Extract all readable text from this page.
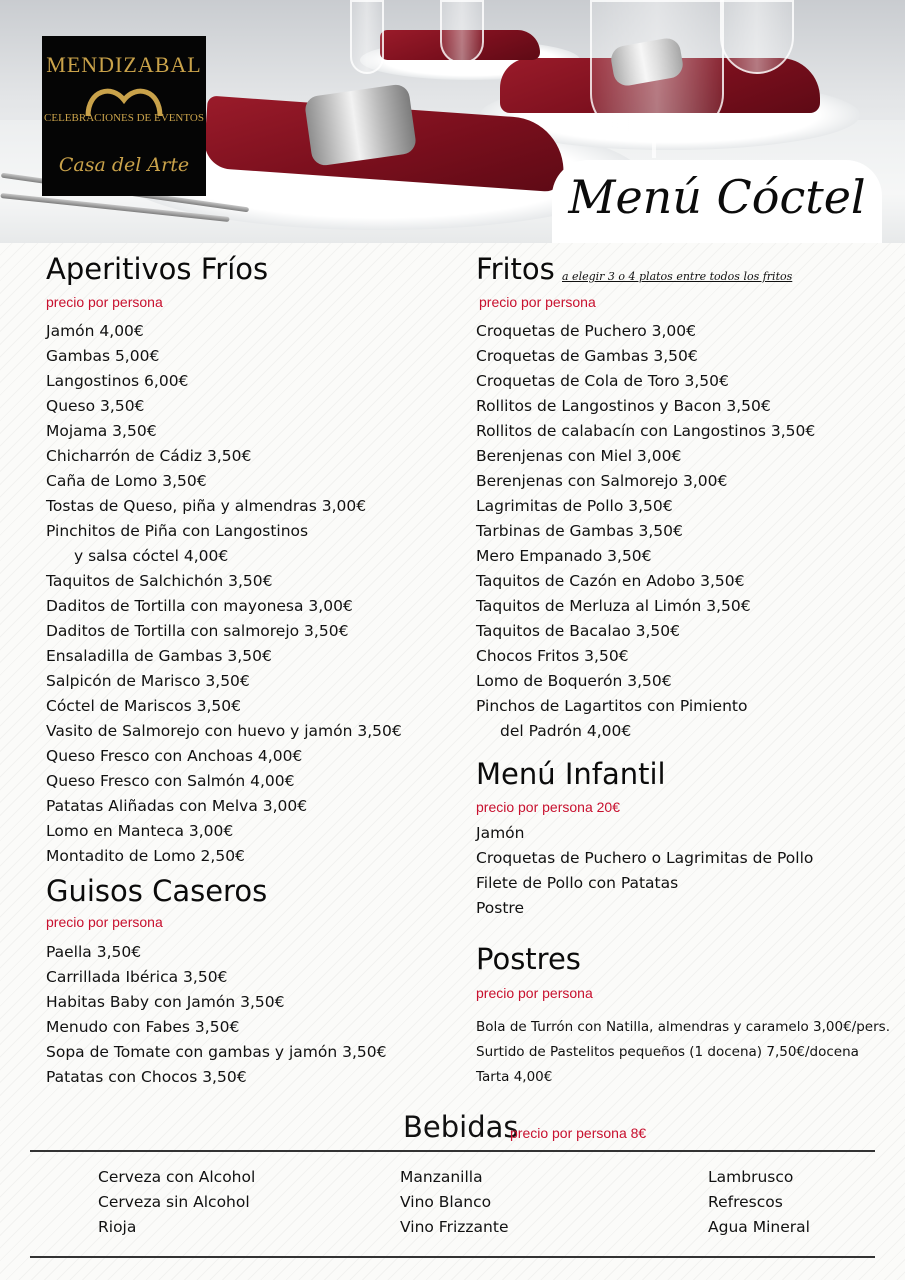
MENDIZABAL
CELEBRACIONES DE EVENTOS
Casa del Arte
Menú Cóctel
Aperitivos Fríos
precio por persona
Jamón 4,00€
Gambas 5,00€
Langostinos 6,00€
Queso 3,50€
Mojama 3,50€
Chicharrón de Cádiz 3,50€
Caña de Lomo 3,50€
Tostas de Queso, piña y almendras 3,00€
Pinchitos de Piña con Langostinos
y salsa cóctel 4,00€
Taquitos de Salchichón 3,50€
Daditos de Tortilla con mayonesa 3,00€
Daditos de Tortilla con salmorejo 3,50€
Ensaladilla de Gambas 3,50€
Salpicón de Marisco 3,50€
Cóctel de Mariscos 3,50€
Vasito de Salmorejo con huevo y jamón 3,50€
Queso Fresco con Anchoas 4,00€
Queso Fresco con Salmón 4,00€
Patatas Aliñadas con Melva 3,00€
Lomo en Manteca 3,00€
Montadito de Lomo 2,50€
Guisos Caseros
precio por persona
Paella 3,50€
Carrillada Ibérica 3,50€
Habitas Baby con Jamón 3,50€
Menudo con Fabes 3,50€
Sopa de Tomate con gambas y jamón 3,50€
Patatas con Chocos 3,50€
Fritos a elegir 3 o 4 platos entre todos los fritos
precio por persona
Croquetas de Puchero 3,00€
Croquetas de Gambas 3,50€
Croquetas de Cola de Toro 3,50€
Rollitos de Langostinos y Bacon 3,50€
Rollitos de calabacín con Langostinos 3,50€
Berenjenas con Miel 3,00€
Berenjenas con Salmorejo 3,00€
Lagrimitas de Pollo 3,50€
Tarbinas de Gambas 3,50€
Mero Empanado 3,50€
Taquitos de Cazón en Adobo 3,50€
Taquitos de Merluza al Limón 3,50€
Taquitos de Bacalao 3,50€
Chocos Fritos 3,50€
Lomo de Boquerón 3,50€
Pinchos de Lagartitos con Pimiento
del Padrón 4,00€
Menú Infantil
precio por persona 20€
Jamón
Croquetas de Puchero o Lagrimitas de Pollo
Filete de Pollo con Patatas
Postre
Postres
precio por persona
Bola de Turrón con Natilla, almendras y caramelo 3,00€/pers.
Surtido de Pastelitos pequeños (1 docena) 7,50€/docena
Tarta 4,00€
Bebidas
precio por persona 8€
Cerveza con Alcohol
Cerveza sin Alcohol
Rioja
Manzanilla
Vino Blanco
Vino Frizzante
Lambrusco
Refrescos
Agua Mineral
